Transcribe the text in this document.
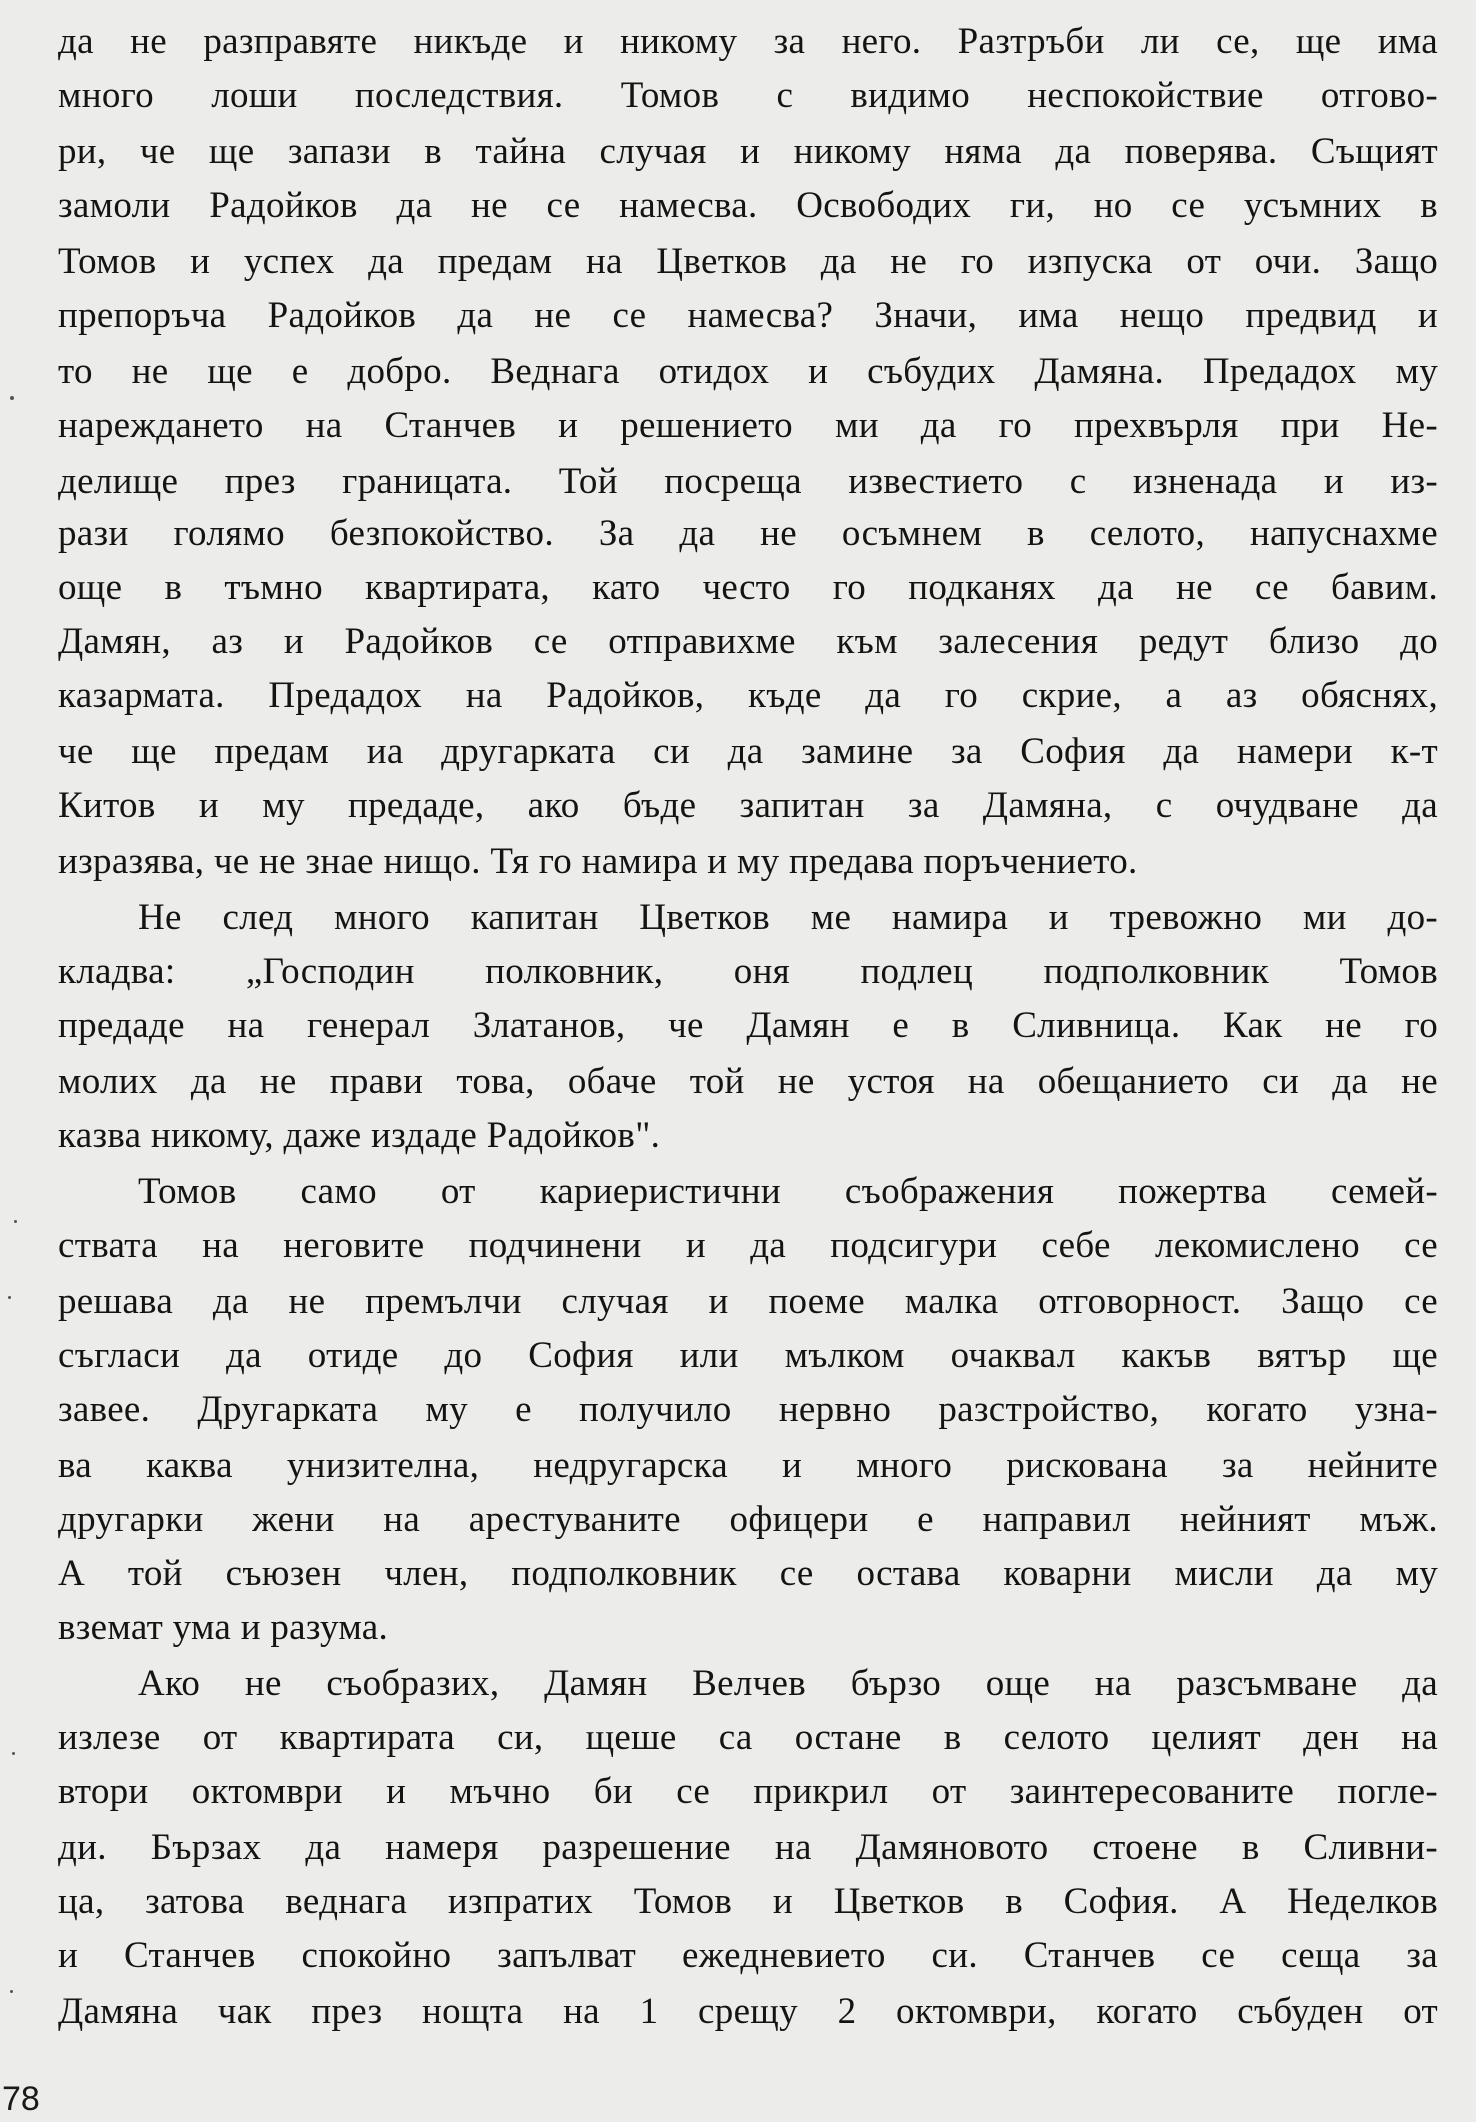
да не разправяте никъде и никому за него. Разтръби ли се, ще има
много лоши последствия. Томов с видимо неспокойствие отгово-
ри, че ще запази в тайна случая и никому няма да поверява. Същият
замоли Радойков да не се намесва. Освободих ги, но се усъмних в
Томов и успех да предам на Цветков да не го изпуска от очи. Защо
препоръча Радойков да не се намесва? Значи, има нещо предвид и
то не ще е добро. Веднага отидох и събудих Дамяна. Предадох му
нареждането на Станчев и решението ми да го прехвърля при Не-
делище през границата. Той посреща известието с изненада и из-
рази голямо безпокойство. За да не осъмнем в селото, напуснахме
още в тъмно квартирата, като често го подканях да не се бавим.
Дамян, аз и Радойков се отправихме към залесения редут близо до
казармата. Предадох на Радойков, къде да го скрие, а аз обяснях,
че ще предам иа другарката си да замине за София да намери к-т
Китов и му предаде, ако бъде запитан за Дамяна, с очудване да
изразява, че не знае нищо. Тя го намира и му предава поръчението.
Не след много капитан Цветков ме намира и тревожно ми до-
кладва: „Господин полковник, оня подлец подполковник Томов
предаде на генерал Златанов, че Дамян е в Сливница. Как не го
молих да не прави това, обаче той не устоя на обещанието си да не
казва никому, даже издаде Радойков".
Томов само от кариеристични съображения пожертва семей-
ствата на неговите подчинени и да подсигури себе лекомислено се
решава да не премълчи случая и поеме малка отговорност. Защо се
съгласи да отиде до София или мълком очаквал какъв вятър ще
завее. Другарката му е получило нервно разстройство, когато узна-
ва каква унизителна, недругарска и много рискована за нейните
другарки жени на арестуваните офицери е направил нейният мъж.
А той съюзен член, подполковник се остава коварни мисли да му
вземат ума и разума.
Ако не съобразих, Дамян Велчев бързо още на разсъмване да
излезе от квартирата си, щеше са остане в селото целият ден на
втори октомври и мъчно би се прикрил от заинтересованите погле-
ди. Бързах да намеря разрешение на Дамяновото стоене в Сливни-
ца, затова веднага изпратих Томов и Цветков в София. А Неделков
и Станчев спокойно запълват ежедневието си. Станчев се сеща за
Дамяна чак през нощта на 1 срещу 2 октомври, когато събуден от
78
